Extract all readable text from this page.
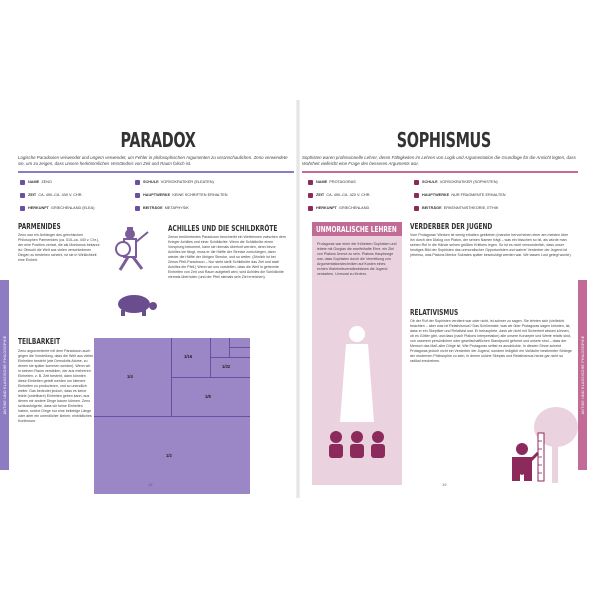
ANTIKE UND KLASSISCHE PHILOSOPHIE
PARADOX
Logische Paradoxien verwendet und ungern verwendet, um Fehler in philosophischen Argumenten zu veranschaulichen. Zeno verwendete sie, um zu zeigen, dass unsere herkömmliches Verständnis von Zeit und Raum falsch ist.
NAME ZENO
ZEIT CA. 490–CA. 430 V. CHR.
HERKUNFT GRIECHENLAND (ELEA)
SCHULE VORSOKRATIKER (ELEATEN)
HAUPTWERKE KEINE SCHRIFTEN ERHALTEN
BEITRÄGE METAPHYSIK
PARMENIDES
Zeno war ein Anhänger des griechischen Philosophen Parmenides (ca. 515–ca. 440 v. Chr.), der eine Position vertrat, die als Monismus bekannt ist: Obwohl die Welt aus vielen verschiedenen Dingen zu bestehen scheint, ist sie in Wirklichkeit eine Einheit.
ACHILLES UND DIE SCHILDKRÖTE
Zenos berühmtestes Paradoxon beschreibt ein Wettrennen zwischen dem Krieger Achilles und einer Schildkröte. Wenn die Schildkröte einen Vorsprung bekommt, kann sie niemals überholt werden, denn bevor Achilles sie fängt, muss er die Hälfte der Strecke zurücklegen, dann wieder die Hälfte der übrigen Strecke, und so weiter. (Ähnlich ist bei Zenos Pfeil-Paradoxon – Nur steht stellt Schildkröte das Ziel und statt Achilles ein Pfeil.) Wenn wir uns vorstellen, dass die Welt in getrennte Einheiten von Zeit und Raum aufgeteilt wird, wird Achilles die Schildkröte niemals überholen (und der Pfeil niemals sein Ziel erreichen).
TEILBARKEIT
Zeno argumentierte mit dem Paradoxon auch gegen die Vorstellung, dass die Welt aus vielen Einheiten besteht (wie Demokrits Atome, zu denen sie später kommen werden). Wenn wir in seinem Raum versteilen, der aus mehreren Einheiten, z. B. Zeit besteht, dann könnten diese Einheiten geteilt werden um kleinere Einheiten zu produzieren, und so unendlich weiter. Das bedeutet jedoch, dass es keine letzte (unteilbare) Einheiten geben kann, aus denen wir andere Dinge bauen können. Zeno schlussfolgerte, dass wir keine Einheiten haben, solche Dinge nur eine beliebige Länge oder aber ein unendlicher kleiner, einbildliches Kontinuum.
1/2
1/4
1/8
1/16
1/32
18
ANTIKE UND KLASSISCHE PHILOSOPHIE
SOPHISMUS
Sophisten waren professionelle Lehrer, deren Fähigkeiten im Lehren von Logik und Argumentation die Grundlage für die Ansicht legten, dass Wahrheit vielleicht eine Frage des besseren Arguments war.
NAME PROTAGORAS
ZEIT CA. 490–CA. 420 V. CHR.
HERKUNFT GRIECHENLAND
SCHULE VORSOKRATIKER (SOPHISTEN)
HAUPTWERKE NUR FRAGMENTE ERHALTEN
BEITRÄGE ERKENNTNISTHEORIE, ETHIK
UNMORALISCHE LEHREN
Protagoras war einer der frühesten Sophisten und leitete mit Gorgias die zweifelhafte Ehre, ein Ziel von Platons Unmut zu sein. Platons Hauptsorge war, dass Sophisten durch die Vermittlung von Argumentationstechniken auf Kosten eines echten Wahrheitsverständnisses die Jugend verdarben, Unmoral zu fördern.
VERDERBER DER JUGEND
Vom Protagoras' Werken ist wenig erhalten geblieben (manche hervorheben einer am meisten über ihn durch den Dialog von Platon, der seinen Namen trägt – was ein bisschen so ist, als würde man seinen Ruf in die Hände seines größten Kritikers legen. So ist es nicht verwunderlich, dass unser heutiges Bild der Sophisten das unmoralischer Opportunisten und wahrer Verderber der Jugend ist (ebenso, was Platons Mentor Sokrates später beschuldigt werden war. Wir lassen Lust gelegt wurde).
RELATIVISMUS
Ob der Ruf der Sophisten verdient war oder nicht, ist schwer zu sagen. Sie lehrten sich (vielleicht beachten – aber was Ist Relativismus? Das Schlimmste, was wir über Protagoras sagen könnten, ist, dass er ein Skeptiker und Relativist war. Er behauptete, dass wir nicht mit Sicherheit wissen können, ob es Götter gibt, und dass (nach Platons Interpretation) alle unsere Konzepte und Werte relativ sind, von unserem persönlichen oder gesellschaftlichen Standpunkt geformt und unsere sind – dass der Mensch das Maß aller Dinge ist. Wie Protagoras selbst es ausdrückte. In diesem Sinne scheint Protagoras jedoch nicht ein Verderber der Jugend, sondern lediglich ein Vorläufer bestimmter Stränge der modernen Philosophie zu sein, in denen solche Skepsis und Relativismus heute gar nicht so radikal erscheinen.
19
